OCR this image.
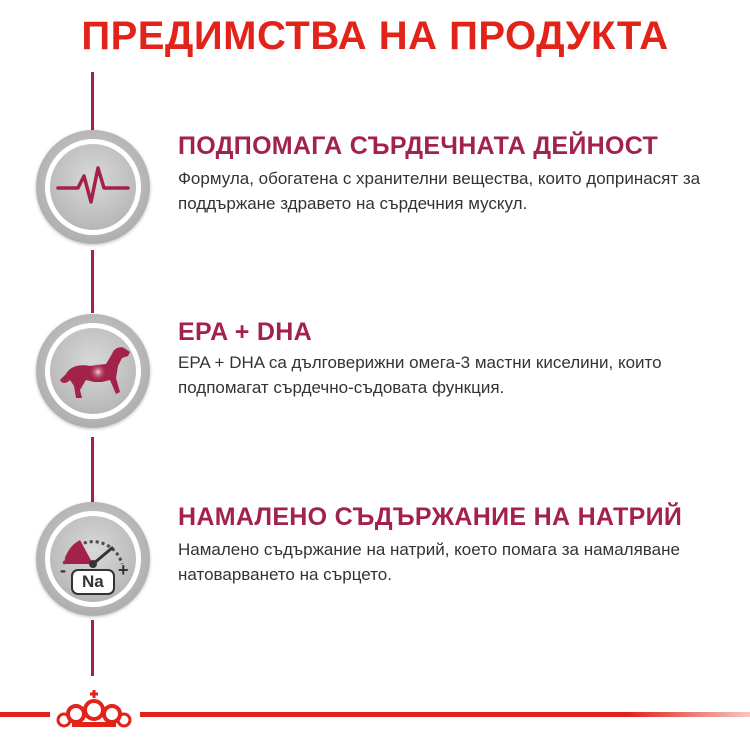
ПРЕДИМСТВА НА ПРОДУКТА
ПОДПОМАГА СЪРДЕЧНАТА ДЕЙНОСТ
Формула, обогатена с хранителни вещества, които допринасят за поддържане здравето на сърдечния мускул.
EPA + DHA
EPA + DHA са дълговерижни омега-3 мастни киселини, които подпомагат сърдечно-съдовата функция.
-	+
Na
НАМАЛЕНО СЪДЪРЖАНИЕ НА НАТРИЙ
Намалено съдържание на натрий, което помага за намаляване натоварването на сърцето.
